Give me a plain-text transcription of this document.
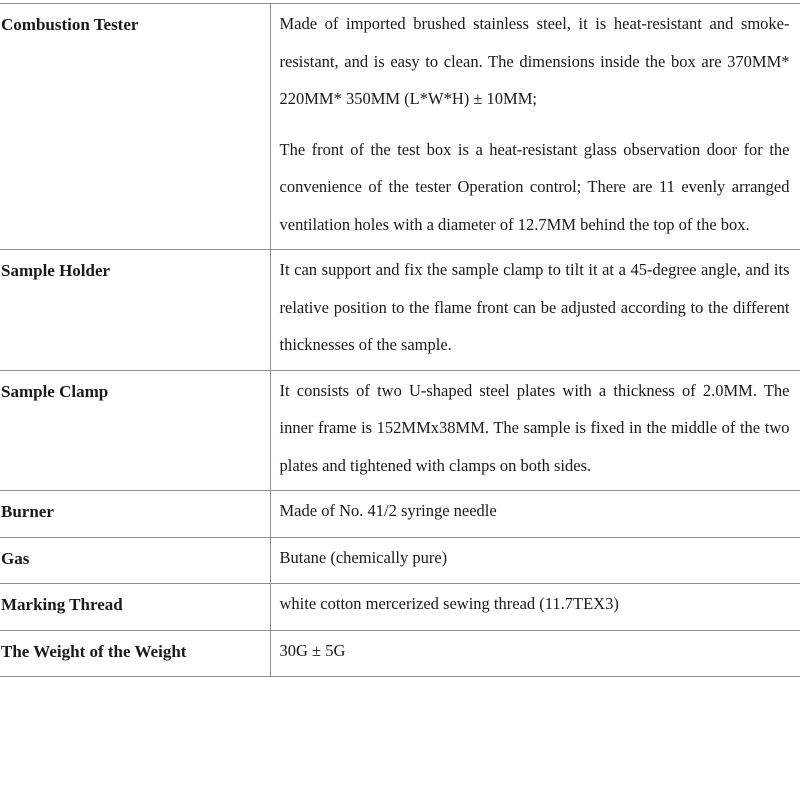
Combustion Tester	Made of imported brushed stainless steel, it is heat-resistant and smoke-resistant, and is easy to clean. The dimensions inside the box are 370MM* 220MM* 350MM (L*W*H) ± 10MM;

The front of the test box is a heat-resistant glass observation door for the convenience of the tester Operation control; There are 11 evenly arranged ventilation holes with a diameter of 12.7MM behind the top of the box.

Sample Holder	It can support and fix the sample clamp to tilt it at a 45-degree angle, and its relative position to the flame front can be adjusted according to the different thicknesses of the sample.

Sample Clamp	It consists of two U-shaped steel plates with a thickness of 2.0MM. The inner frame is 152MMx38MM. The sample is fixed in the middle of the two plates and tightened with clamps on both sides.

Burner	Made of No. 41/2 syringe needle

Gas	Butane (chemically pure)

Marking Thread	white cotton mercerized sewing thread (11.7TEX3)

The Weight of the Weight	30G ± 5G
